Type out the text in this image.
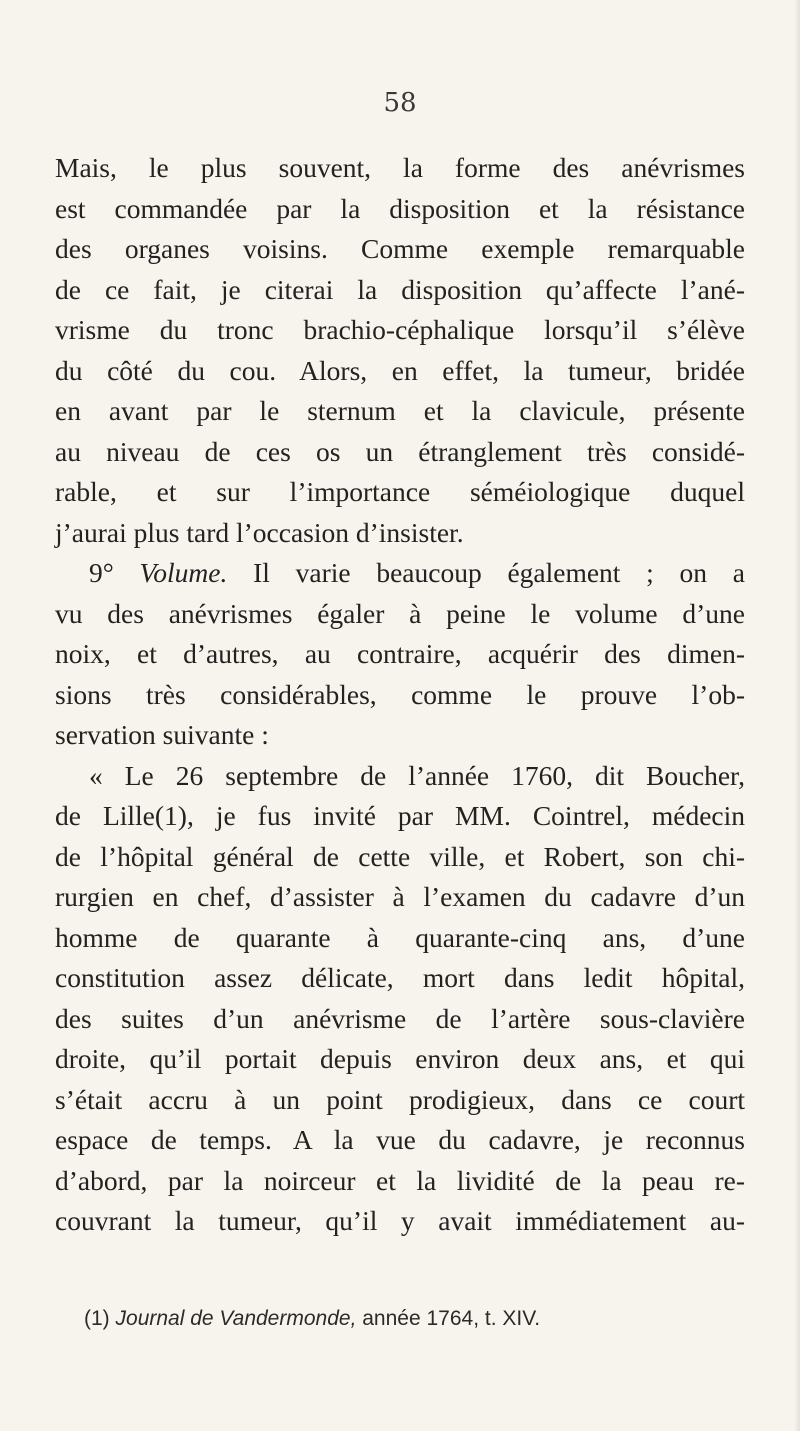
58
Mais, le plus souvent, la forme des anévrismes
est commandée par la disposition et la résistance
des organes voisins. Comme exemple remarquable
de ce fait, je citerai la disposition qu’affecte l’ané-
vrisme du tronc brachio-céphalique lorsqu’il s’élève
du côté du cou. Alors, en effet, la tumeur, bridée
en avant par le sternum et la clavicule, présente
au niveau de ces os un étranglement très considé-
rable, et sur l’importance séméiologique duquel
j’aurai plus tard l’occasion d’insister.
9° Volume. Il varie beaucoup également ; on a
vu des anévrismes égaler à peine le volume d’une
noix, et d’autres, au contraire, acquérir des dimen-
sions très considérables, comme le prouve l’ob-
servation suivante :
« Le 26 septembre de l’année 1760, dit Boucher,
de Lille(1), je fus invité par MM. Cointrel, médecin
de l’hôpital général de cette ville, et Robert, son chi-
rurgien en chef, d’assister à l’examen du cadavre d’un
homme de quarante à quarante-cinq ans, d’une
constitution assez délicate, mort dans ledit hôpital,
des suites d’un anévrisme de l’artère sous-clavière
droite, qu’il portait depuis environ deux ans, et qui
s’était accru à un point prodigieux, dans ce court
espace de temps. A la vue du cadavre, je reconnus
d’abord, par la noirceur et la lividité de la peau re-
couvrant la tumeur, qu’il y avait immédiatement au-
(1) Journal de Vandermonde, année 1764, t. XIV.
